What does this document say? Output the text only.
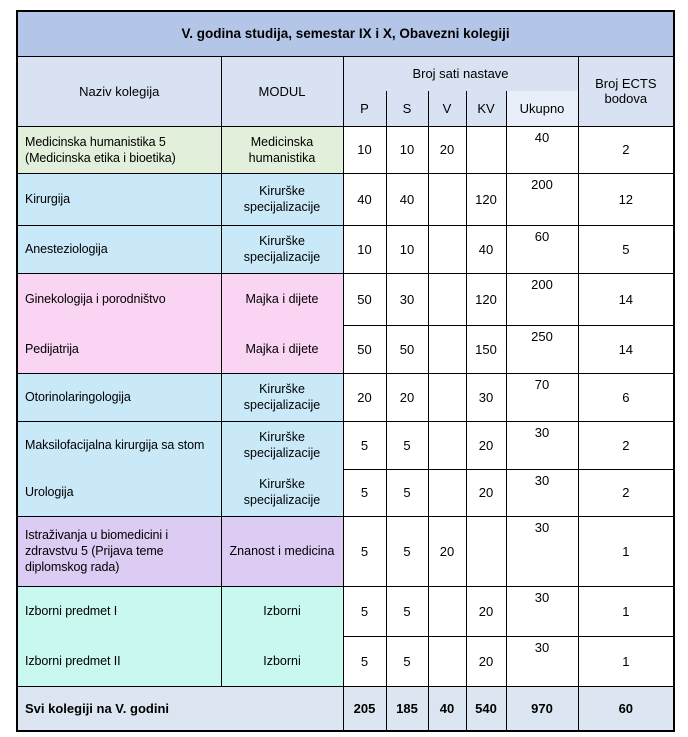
V. godina studija, semestar IX i X, Obavezni kolegiji							
Naziv kolegija	MODUL	Broj sati nastave					Broj ECTS bodova
		P	S	V	KV	Ukupno	
Medicinska humanistika 5 (Medicinska etika i bioetika)	Medicinska humanistika	10	10	20		40	2
Kirurgija	Kirurške specijalizacije	40	40		120	200	12
Anesteziologija	Kirurške specijalizacije	10	10		40	60	5
Ginekologija i porodništvo	Majka i dijete	50	30		120	200	14
Pedijatrija	Majka i dijete	50	50		150	250	14
Otorinolaringologija	Kirurške specijalizacije	20	20		30	70	6
Maksilofacijalna kirurgija sa stom	Kirurške specijalizacije	5	5		20	30	2
Urologija	Kirurške specijalizacije	5	5		20	30	2
Istraživanja u biomedicini i zdravstvu 5 (Prijava teme diplomskog rada)	Znanost i medicina	5	5	20		30	1
Izborni predmet I	Izborni	5	5		20	30	1
Izborni predmet II	Izborni	5	5		20	30	1
Svi kolegiji na V. godini		205	185	40	540	970	60
